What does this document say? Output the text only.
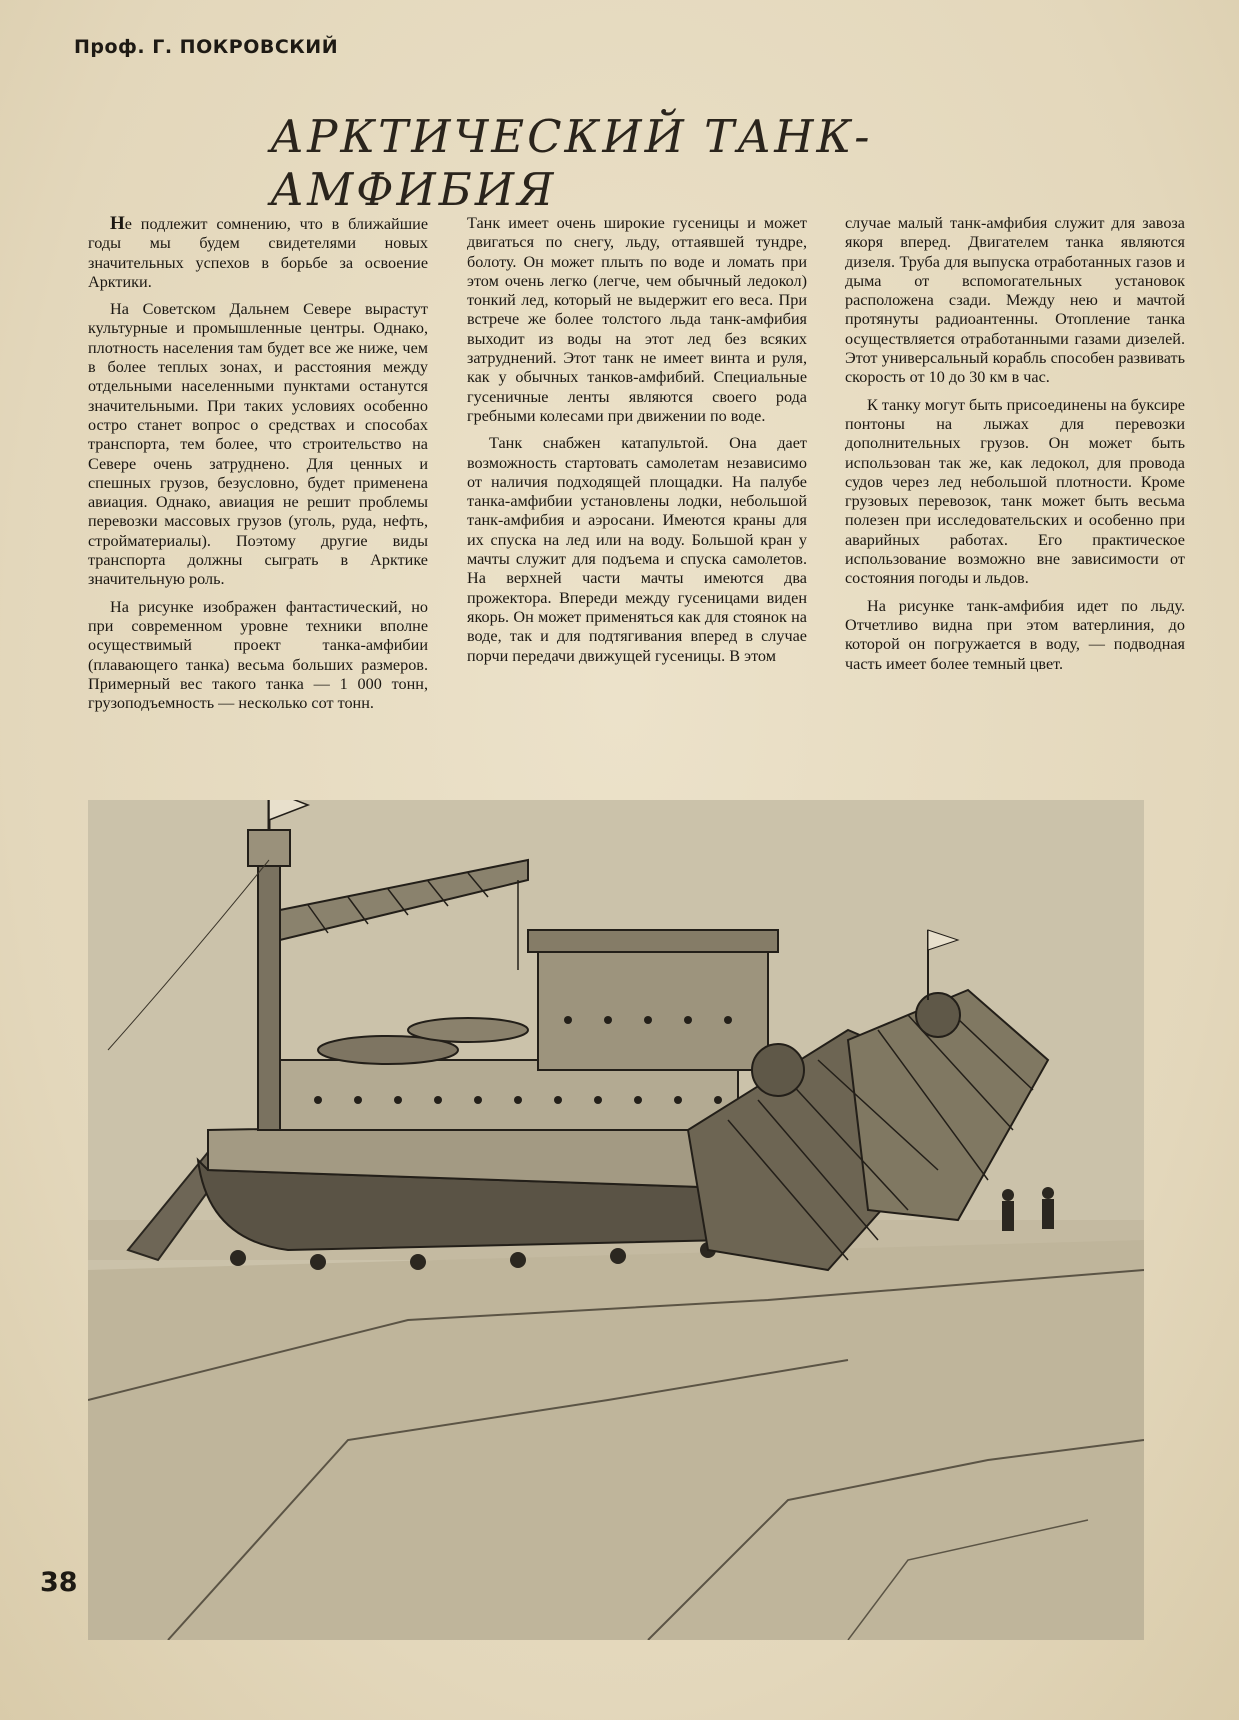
Проф. Г. ПОКРОВСКИЙ
АРКТИЧЕСКИЙ ТАНК-АМФИБИЯ

Не подлежит сомнению, что в ближайшие годы мы будем свидетелями новых значительных успехов в борьбе за освоение Арктики.

На Советском Дальнем Севере вырастут культурные и промышленные центры. Однако, плотность населения там будет все же ниже, чем в более теплых зонах, и расстояния между отдельными населенными пунктами останутся значительными. При таких условиях особенно остро станет вопрос о средствах и способах транспорта, тем более, что строительство на Севере очень затруднено. Для ценных и спешных грузов, безусловно, будет применена авиация. Однако, авиация не решит проблемы перевозки массовых грузов (уголь, руда, нефть, стройматериалы). Поэтому другие виды транспорта должны сыграть в Арктике значительную роль.

На рисунке изображен фантастический, но при современном уровне техники вполне осуществимый проект танка-амфибии (плавающего танка) весьма больших размеров. Примерный вес такого танка — 1 000 тонн, грузоподъемность — несколько сот тонн.

Танк имеет очень широкие гусеницы и может двигаться по снегу, льду, оттаявшей тундре, болоту. Он может плыть по воде и ломать при этом очень легко (легче, чем обычный ледокол) тонкий лед, который не выдержит его веса. При встрече же более толстого льда танк-амфибия выходит из воды на этот лед без всяких затруднений. Этот танк не имеет винта и руля, как у обычных танков-амфибий. Специальные гусеничные ленты являются своего рода гребными колесами при движении по воде.

Танк снабжен катапультой. Она дает возможность стартовать самолетам независимо от наличия подходящей площадки. На палубе танка-амфибии установлены лодки, небольшой танк-амфибия и аэросани. Имеются краны для их спуска на лед или на воду. Большой кран у мачты служит для подъема и спуска самолетов. На верхней части мачты имеются два прожектора. Впереди между гусеницами виден якорь. Он может применяться как для стоянок на воде, так и для подтягивания вперед в случае порчи передачи движущей гусеницы. В этом

случае малый танк-амфибия служит для завоза якоря вперед. Двигателем танка являются дизеля. Труба для выпуска отработанных газов и дыма от вспомогательных установок расположена сзади. Между нею и мачтой протянуты радиоантенны. Отопление танка осуществляется отработанными газами дизелей. Этот универсальный корабль способен развивать скорость от 10 до 30 км в час.

К танку могут быть присоединены на буксире понтоны на лыжах для перевозки дополнительных грузов. Он может быть использован так же, как ледокол, для провода судов через лед небольшой плотности. Кроме грузовых перевозок, танк может быть весьма полезен при исследовательских и особенно при аварийных работах. Его практическое использование возможно вне зависимости от состояния погоды и льдов.

На рисунке танк-амфибия идет по льду. Отчетливо видна при этом ватерлиния, до которой он погружается в воду, — подводная часть имеет более темный цвет.

38
